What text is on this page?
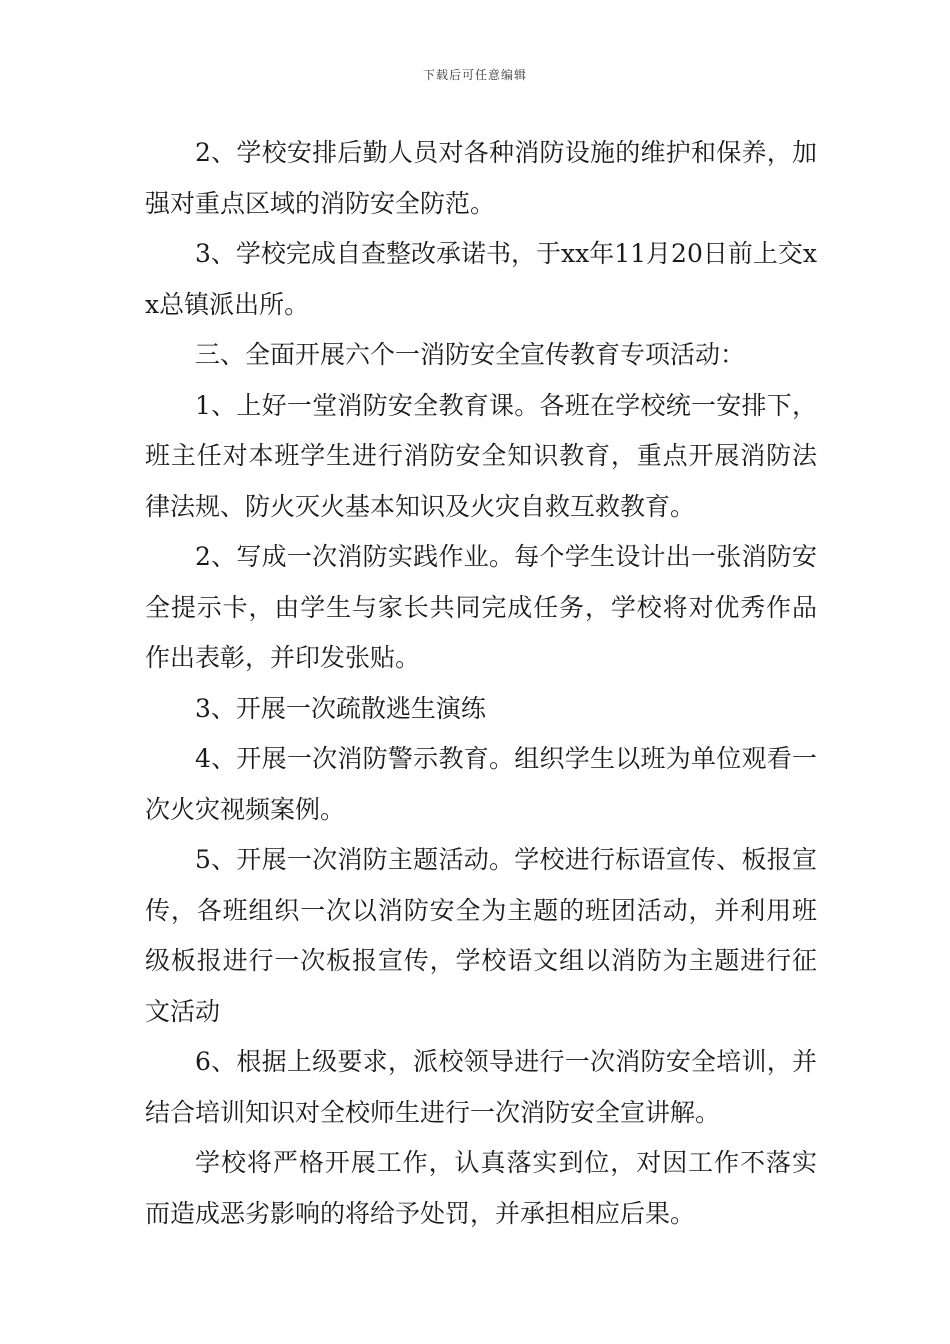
下载后可任意编辑

2、学校安排后勤人员对各种消防设施的维护和保养，加强对重点区域的消防安全防范。

3、学校完成自查整改承诺书，于xx年11月20日前上交xx总镇派出所。

三、全面开展六个一消防安全宣传教育专项活动：

1、上好一堂消防安全教育课。各班在学校统一安排下，班主任对本班学生进行消防安全知识教育，重点开展消防法律法规、防火灭火基本知识及火灾自救互救教育。

2、写成一次消防实践作业。每个学生设计出一张消防安全提示卡，由学生与家长共同完成任务，学校将对优秀作品作出表彰，并印发张贴。

3、开展一次疏散逃生演练

4、开展一次消防警示教育。组织学生以班为单位观看一次火灾视频案例。

5、开展一次消防主题活动。学校进行标语宣传、板报宣传，各班组织一次以消防安全为主题的班团活动，并利用班级板报进行一次板报宣传，学校语文组以消防为主题进行征文活动

6、根据上级要求，派校领导进行一次消防安全培训，并结合培训知识对全校师生进行一次消防安全宣讲解。

学校将严格开展工作，认真落实到位，对因工作不落实而造成恶劣影响的将给予处罚，并承担相应后果。
